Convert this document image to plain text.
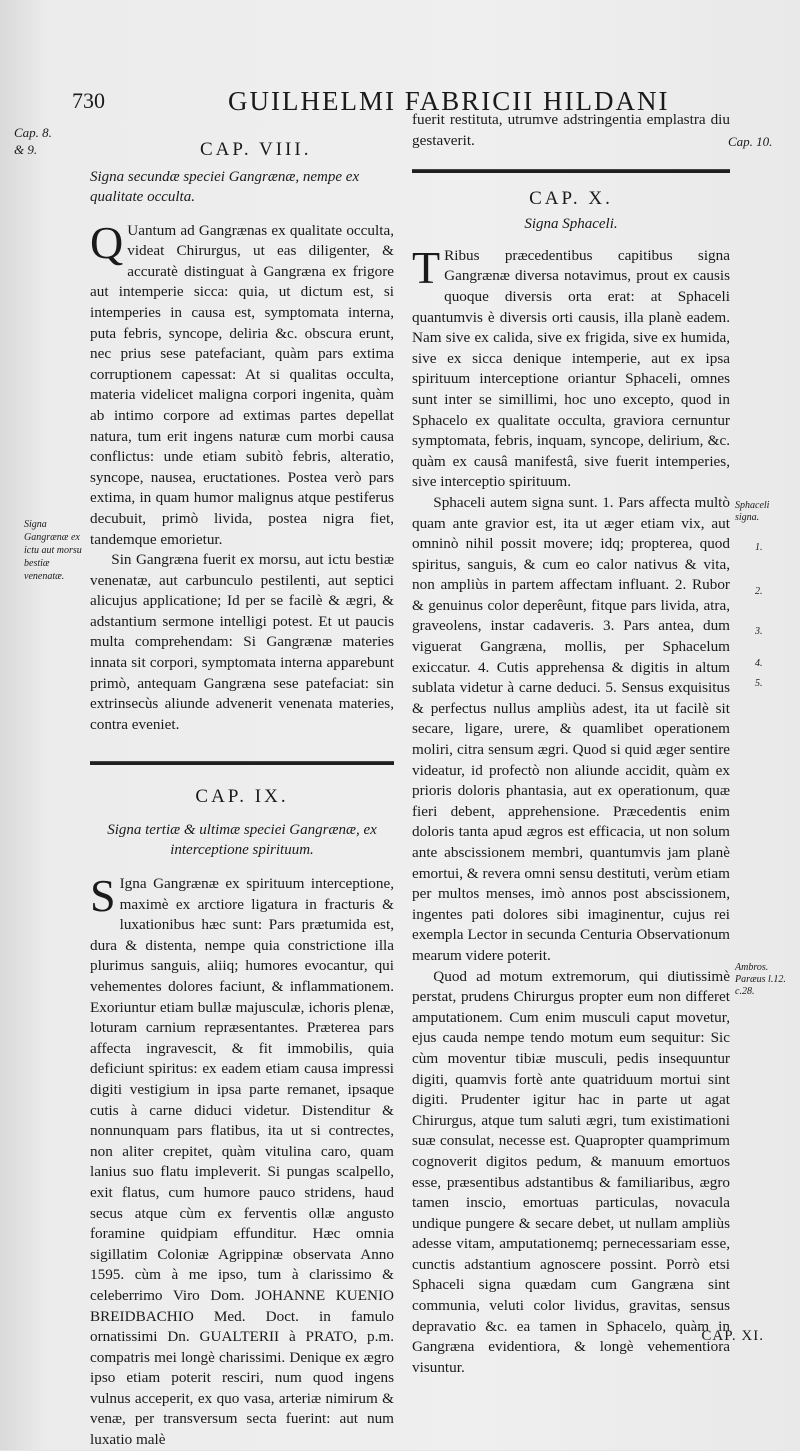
730	GUILHELMI FABRICII HILDANI
Cap. 8. & 9.
Cap. 10.
Signa Gangrænæ ex ictu aut morsu bestiæ venenatæ.
Sphaceli signa.
1.
2.
3.
4.
5.
Ambros. Paræus l.12. c.28.

CAP. VIII.

Signa secundæ speciei Gangrænæ, nempe ex qualitate occulta.

Q Uantum ad Gangrænas ex qualitate occulta, videat Chirurgus, ut eas diligenter, & accuratè distinguat à Gangræna ex frigore aut intemperie sicca: quia, ut dictum est, si intemperies in causa est, symptomata interna, puta febris, syncope, deliria &c. obscura erunt, nec prius sese patefaciant, quàm pars extima corruptionem capessat: At si qualitas occulta, materia videlicet maligna corpori ingenita, quàm ab intimo corpore ad extimas partes depellat natura, tum erit ingens naturæ cum morbi causa conflictus: unde etiam subitò febris, alteratio, syncope, nausea, eructationes. Postea verò pars extima, in quam humor malignus atque pestiferus decubuit, primò livida, postea nigra fiet, tandemque emorietur.

Sin Gangræna fuerit ex morsu, aut ictu bestiæ venenatæ, aut carbunculo pestilenti, aut septici alicujus applicatione; Id per se facilè & ægri, & adstantium sermone intelligi potest. Et ut paucis multa comprehendam: Si Gangrænæ materies innata sit corpori, symptomata interna apparebunt primò, antequam Gangræna sese patefaciat: sin extrinsecùs aliunde advenerit venenata materies, contra eveniet.

CAP. IX.

Signa tertiæ & ultimæ speciei Gangrænæ, ex interceptione spirituum.

S Igna Gangrænæ ex spirituum interceptione, maximè ex arctiore ligatura in fracturis & luxationibus hæc sunt: Pars prætumida est, dura & distenta, nempe quia constrictione illa plurimus sanguis, aliiq; humores evocantur, qui vehementes dolores faciunt, & inflammationem. Exoriuntur etiam bullæ majusculæ, ichoris plenæ, loturam carnium repræsentantes. Præterea pars affecta ingravescit, & fit immobilis, quia deficiunt spiritus: ex eadem etiam causa impressi digiti vestigium in ipsa parte remanet, ipsaque cutis à carne diduci videtur. Distenditur & nonnunquam pars flatibus, ita ut si contrectes, non aliter crepitet, quàm vitulina caro, quam lanius suo flatu impleverit. Si pungas scalpello, exit flatus, cum humore pauco stridens, haud secus atque cùm ex ferventis ollæ angusto foramine quidpiam effunditur. Hæc omnia sigillatim Coloniæ Agrippinæ observata Anno 1595. cùm à me ipso, tum à clarissimo & celeberrimo Viro Dom. JOHANNE KUENIO BREIDBACHIO Med. Doct. in famulo ornatissimi Dn. GUALTERII à PRATO, p.m. compatris mei longè charissimi. Denique ex ægro ipso etiam poterit resciri, num quod ingens vulnus acceperit, ex quo vasa, arteriæ nimirum & venæ, per transversum secta fuerint: aut num luxatio malè

fuerit restituta, utrumve adstringentia emplastra diu gestaverit.

CAP. X.

Signa Sphaceli.

T Ribus præcedentibus capitibus signa Gangrænæ diversa notavimus, prout ex causis quoque diversis orta erat: at Sphaceli quantumvis è diversis orti causis, illa planè eadem. Nam sive ex calida, sive ex frigida, sive ex humida, sive ex sicca denique intemperie, aut ex ipsa spirituum interceptione oriantur Sphaceli, omnes sunt inter se simillimi, hoc uno excepto, quod in Sphacelo ex qualitate occulta, graviora cernuntur symptomata, febris, inquam, syncope, delirium, &c. quàm ex causâ manifestâ, sive fuerit intemperies, sive interceptio spirituum.

Sphaceli autem signa sunt. 1. Pars affecta multò quam ante gravior est, ita ut æger etiam vix, aut omninò nihil possit movere; idq; propterea, quod spiritus, sanguis, & cum eo calor nativus & vita, non ampliùs in partem affectam influant. 2. Rubor & genuinus color deperêunt, fitque pars livida, atra, graveolens, instar cadaveris. 3. Pars antea, dum viguerat Gangræna, mollis, per Sphacelum exiccatur. 4. Cutis apprehensa & digitis in altum sublata videtur à carne deduci. 5. Sensus exquisitus & perfectus nullus ampliùs adest, ita ut facilè sit secare, ligare, urere, & quamlibet operationem moliri, citra sensum ægri. Quod si quid æger sentire videatur, id profectò non aliunde accidit, quàm ex prioris doloris phantasia, aut ex operationum, quæ fieri debent, apprehensione. Præcedentis enim doloris tanta apud ægros est efficacia, ut non solum ante abscissionem membri, quantumvis jam planè emortui, & revera omni sensu destituti, verùm etiam per multos menses, imò annos post abscissionem, ingentes pati dolores sibi imaginentur, cujus rei exempla Lector in secunda Centuria Observationum mearum videre poterit.

Quod ad motum extremorum, qui diutissimè perstat, prudens Chirurgus propter eum non differet amputationem. Cum enim musculi caput movetur, ejus cauda nempe tendo motum eum sequitur: Sic cùm moventur tibiæ musculi, pedis insequuntur digiti, quamvis fortè ante quatriduum mortui sint digiti. Prudenter igitur hac in parte ut agat Chirurgus, atque tum saluti ægri, tum existimationi suæ consulat, necesse est. Quapropter quamprimum cognoverit digitos pedum, & manuum emortuos esse, præsentibus adstantibus & familiaribus, ægro tamen inscio, emortuas particulas, novacula undique pungere & secare debet, ut nullam ampliùs adesse vitam, amputationemq; pernecessariam esse, cunctis adstantium agnoscere possint. Porrò etsi Sphaceli signa quædam cum Gangræna sint communia, veluti color lividus, gravitas, sensus depravatio &c. ea tamen in Sphacelo, quàm in Gangræna evidentiora, & longè vehementiora visuntur.

CAP. XI.
